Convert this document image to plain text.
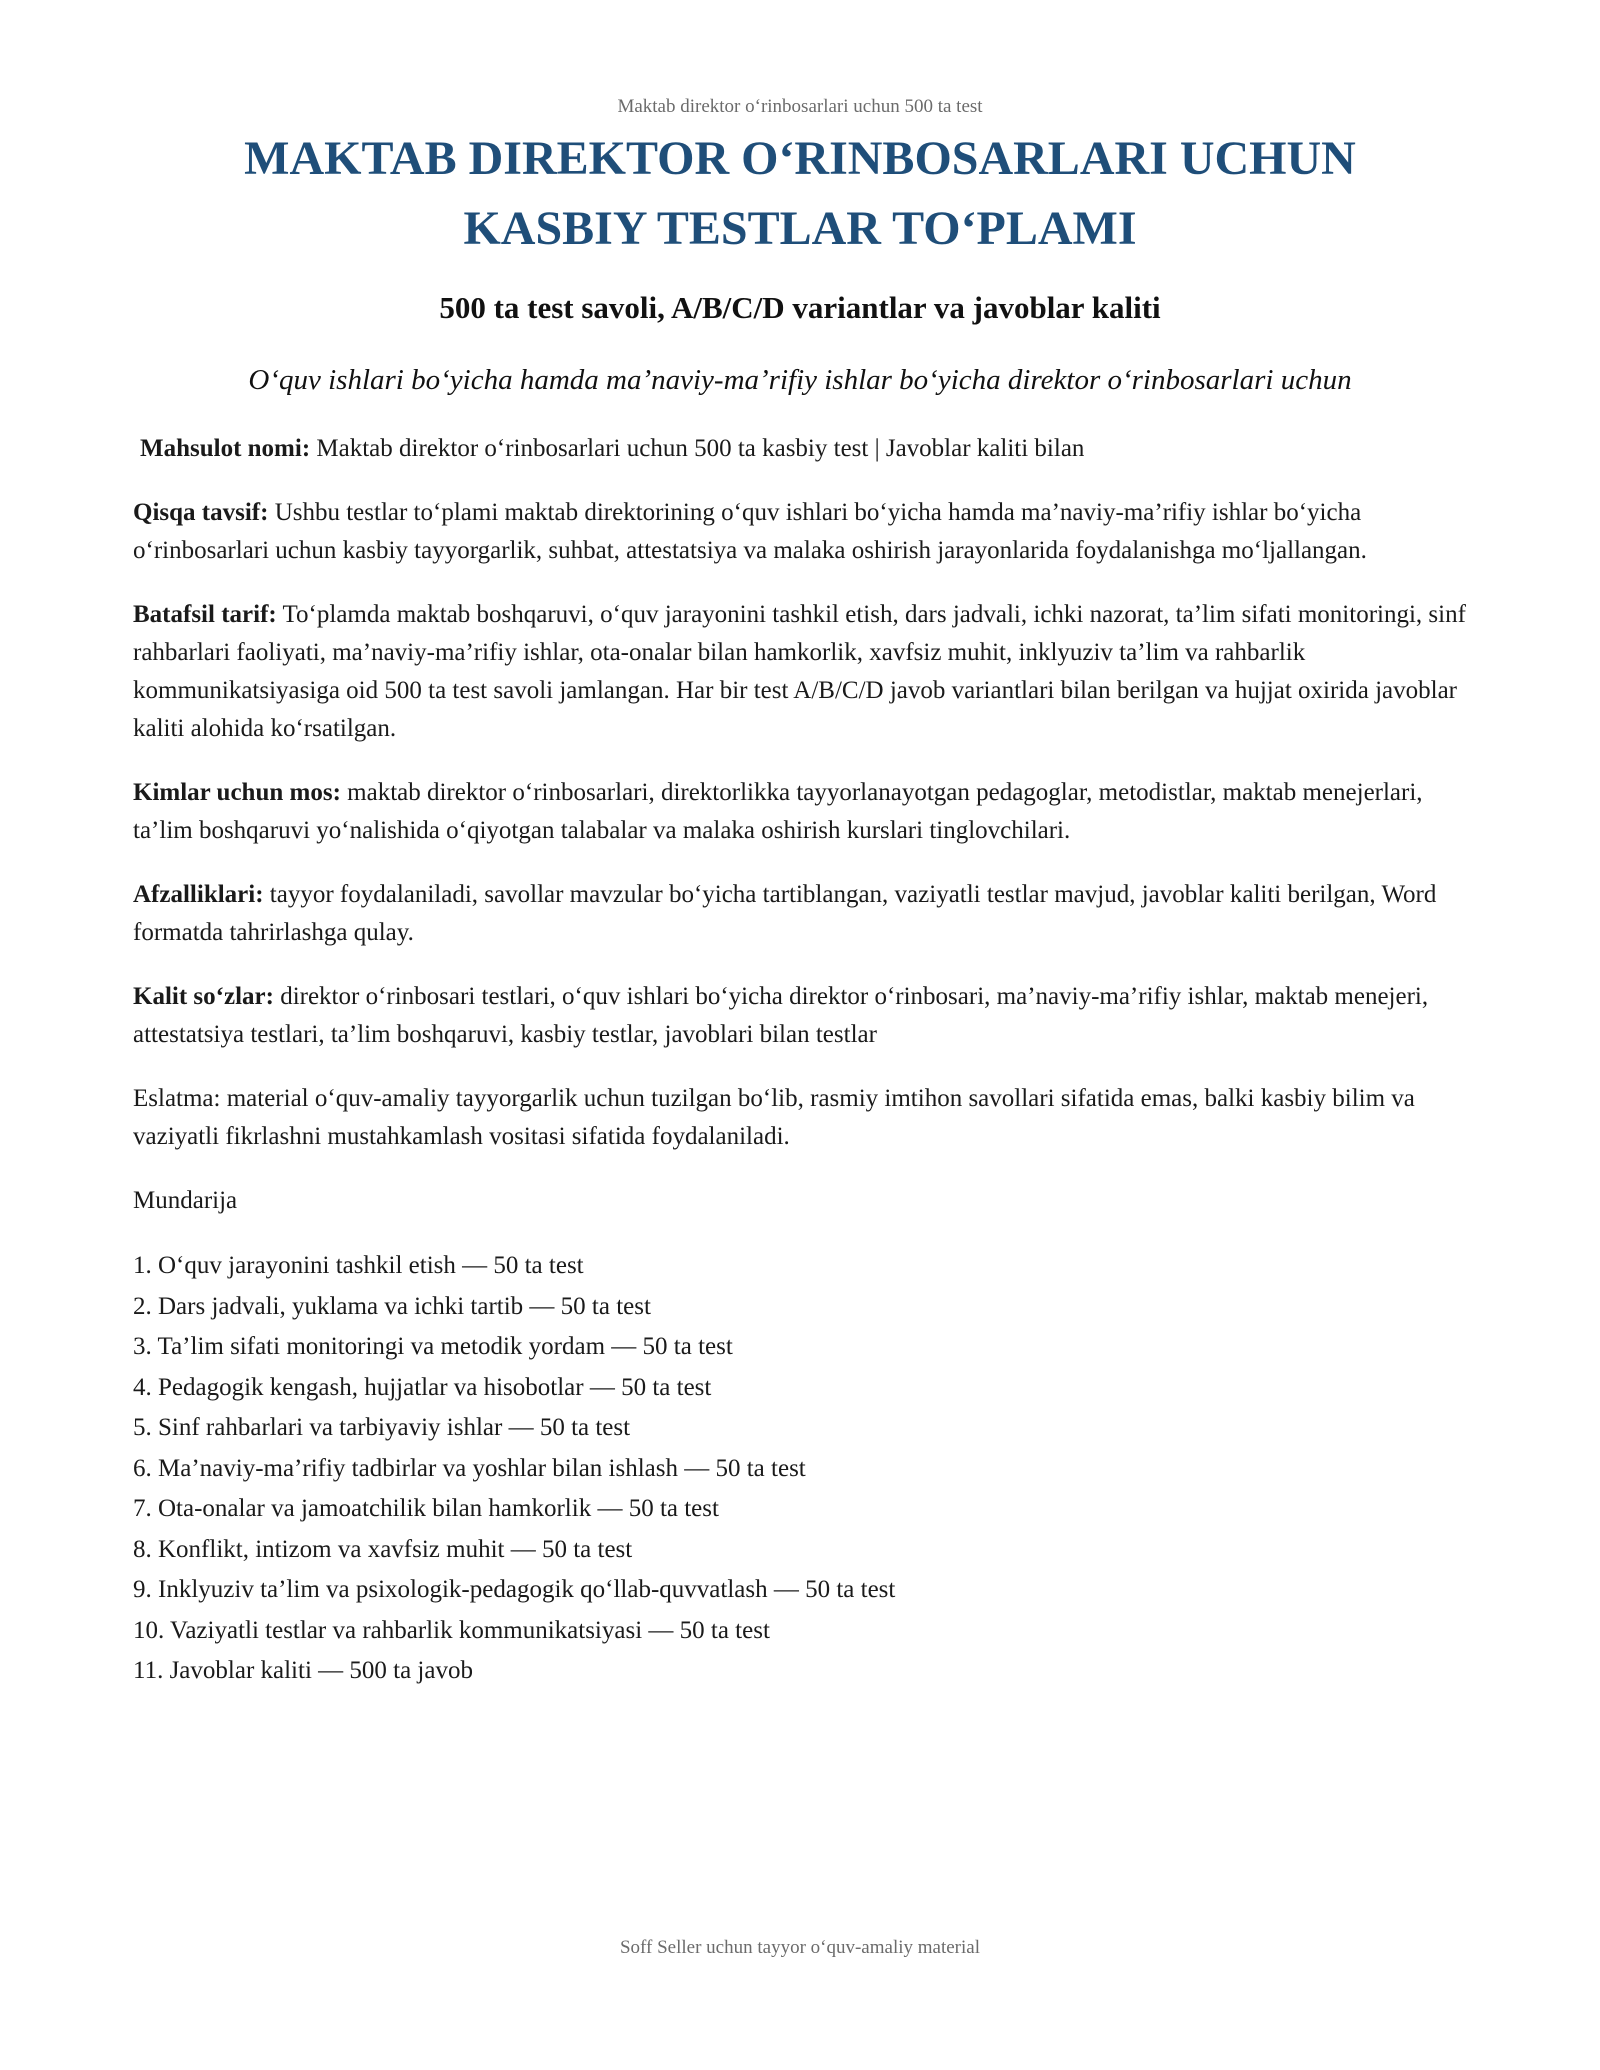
Maktab direktor o‘rinbosarlari uchun 500 ta test
MAKTAB DIREKTOR O‘RINBOSARLARI UCHUN
KASBIY TESTLAR TO‘PLAMI
500 ta test savoli, A/B/C/D variantlar va javoblar kaliti
O‘quv ishlari bo‘yicha hamda ma’naviy-ma’rifiy ishlar bo‘yicha direktor o‘rinbosarlari uchun

Mahsulot nomi: Maktab direktor o‘rinbosarlari uchun 500 ta kasbiy test | Javoblar kaliti bilan

Qisqa tavsif: Ushbu testlar to‘plami maktab direktorining o‘quv ishlari bo‘yicha hamda ma’naviy-ma’rifiy ishlar bo‘yicha o‘rinbosarlari uchun kasbiy tayyorgarlik, suhbat, attestatsiya va malaka oshirish jarayonlarida foydalanishga mo‘ljallangan.

Batafsil tarif: To‘plamda maktab boshqaruvi, o‘quv jarayonini tashkil etish, dars jadvali, ichki nazorat, ta’lim sifati monitoringi, sinf rahbarlari faoliyati, ma’naviy-ma’rifiy ishlar, ota-onalar bilan hamkorlik, xavfsiz muhit, inklyuziv ta’lim va rahbarlik kommunikatsiyasiga oid 500 ta test savoli jamlangan. Har bir test A/B/C/D javob variantlari bilan berilgan va hujjat oxirida javoblar kaliti alohida ko‘rsatilgan.

Kimlar uchun mos: maktab direktor o‘rinbosarlari, direktorlikka tayyorlanayotgan pedagoglar, metodistlar, maktab menejerlari, ta’lim boshqaruvi yo‘nalishida o‘qiyotgan talabalar va malaka oshirish kurslari tinglovchilari.

Afzalliklari: tayyor foydalaniladi, savollar mavzular bo‘yicha tartiblangan, vaziyatli testlar mavjud, javoblar kaliti berilgan, Word formatda tahrirlashga qulay.

Kalit so‘zlar: direktor o‘rinbosari testlari, o‘quv ishlari bo‘yicha direktor o‘rinbosari, ma’naviy-ma’rifiy ishlar, maktab menejeri, attestatsiya testlari, ta’lim boshqaruvi, kasbiy testlar, javoblari bilan testlar

Eslatma: material o‘quv-amaliy tayyorgarlik uchun tuzilgan bo‘lib, rasmiy imtihon savollari sifatida emas, balki kasbiy bilim va vaziyatli fikrlashni mustahkamlash vositasi sifatida foydalaniladi.

Mundarija

1. O‘quv jarayonini tashkil etish — 50 ta test
2. Dars jadvali, yuklama va ichki tartib — 50 ta test
3. Ta’lim sifati monitoringi va metodik yordam — 50 ta test
4. Pedagogik kengash, hujjatlar va hisobotlar — 50 ta test
5. Sinf rahbarlari va tarbiyaviy ishlar — 50 ta test
6. Ma’naviy-ma’rifiy tadbirlar va yoshlar bilan ishlash — 50 ta test
7. Ota-onalar va jamoatchilik bilan hamkorlik — 50 ta test
8. Konflikt, intizom va xavfsiz muhit — 50 ta test
9. Inklyuziv ta’lim va psixologik-pedagogik qo‘llab-quvvatlash — 50 ta test
10. Vaziyatli testlar va rahbarlik kommunikatsiyasi — 50 ta test
11. Javoblar kaliti — 500 ta javob
Soff Seller uchun tayyor o‘quv-amaliy material
